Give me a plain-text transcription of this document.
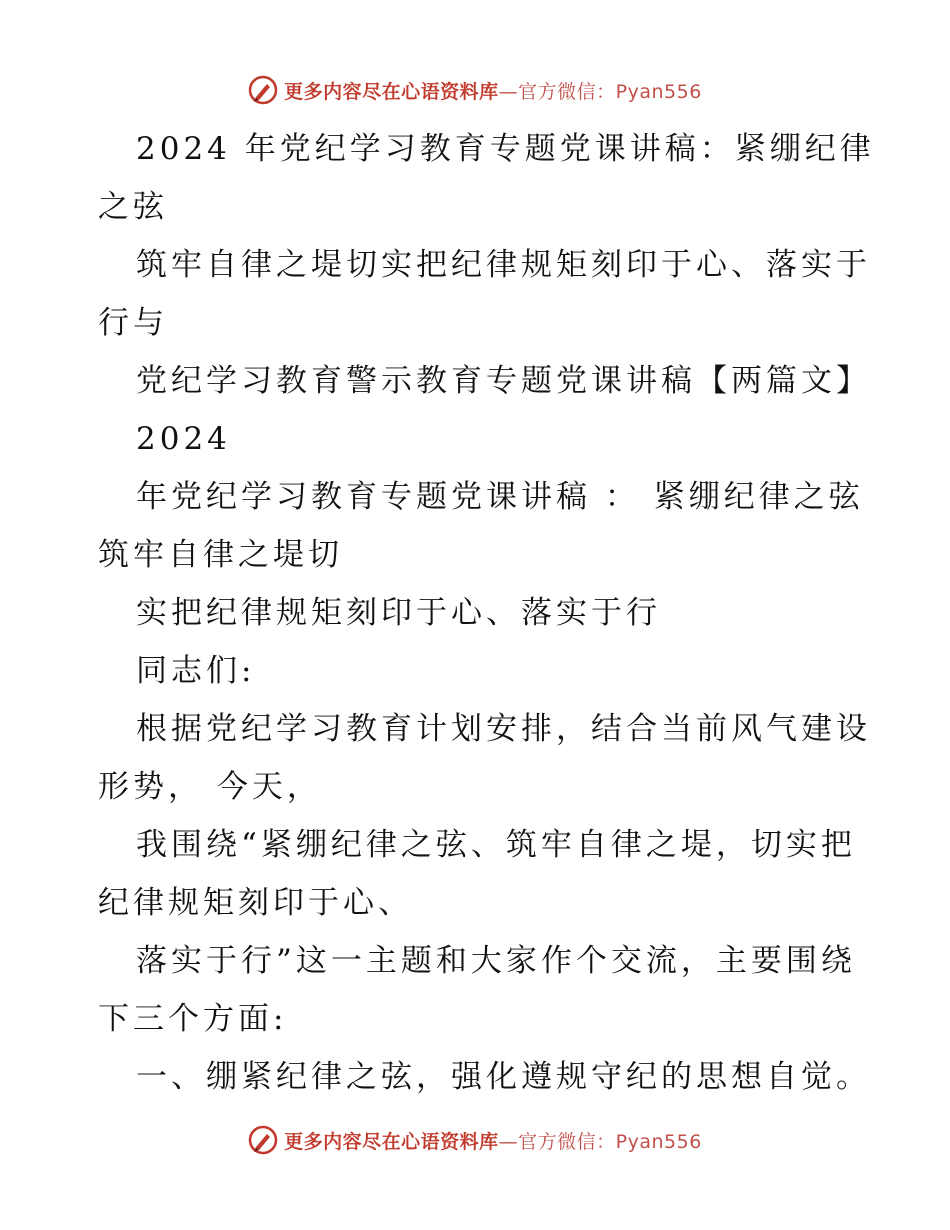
更多内容尽在心语资料库—官方微信：Pyan556
2024 年党纪学习教育专题党课讲稿：紧绷纪律
之弦
筑牢自律之堤切实把纪律规矩刻印于心、落实于
行与
党纪学习教育警示教育专题党课讲稿【两篇文】
2024
年党纪学习教育专题党课讲稿 ： 紧绷纪律之弦
筑牢自律之堤切
实把纪律规矩刻印于心、落实于行
同志们:
根据党纪学习教育计划安排，结合当前风气建设
形势， 今天，
我围绕“紧绷纪律之弦、筑牢自律之堤，切实把
纪律规矩刻印于心、
落实于行”这一主题和大家作个交流，主要围绕
下三个方面:
一、绷紧纪律之弦，强化遵规守纪的思想自觉。
更多内容尽在心语资料库—官方微信：Pyan556
